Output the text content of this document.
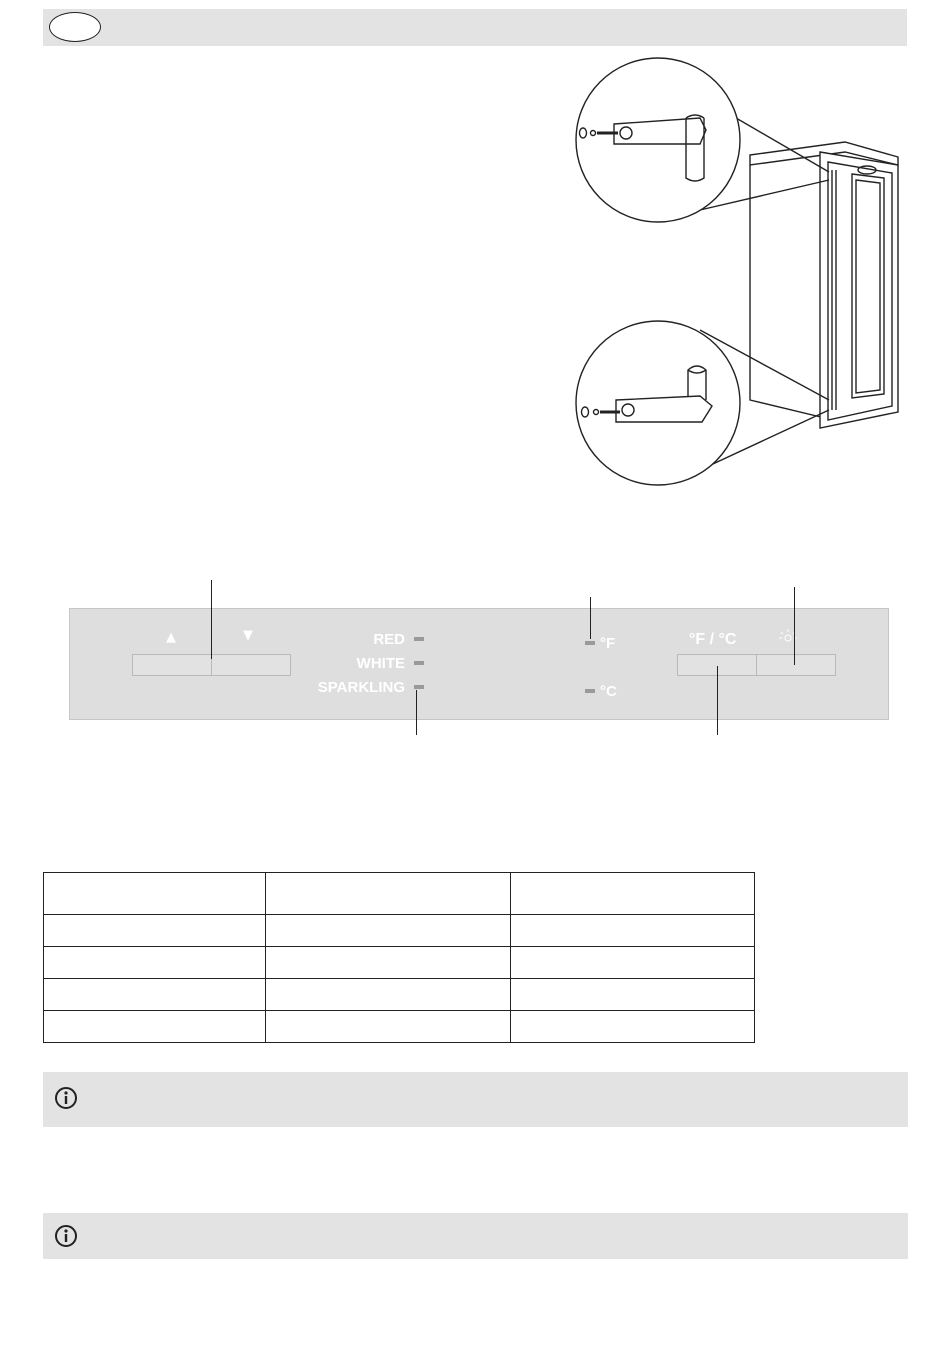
▲	▼	RED
WHITE
SPARKLING
°F
°C
°F / °C
